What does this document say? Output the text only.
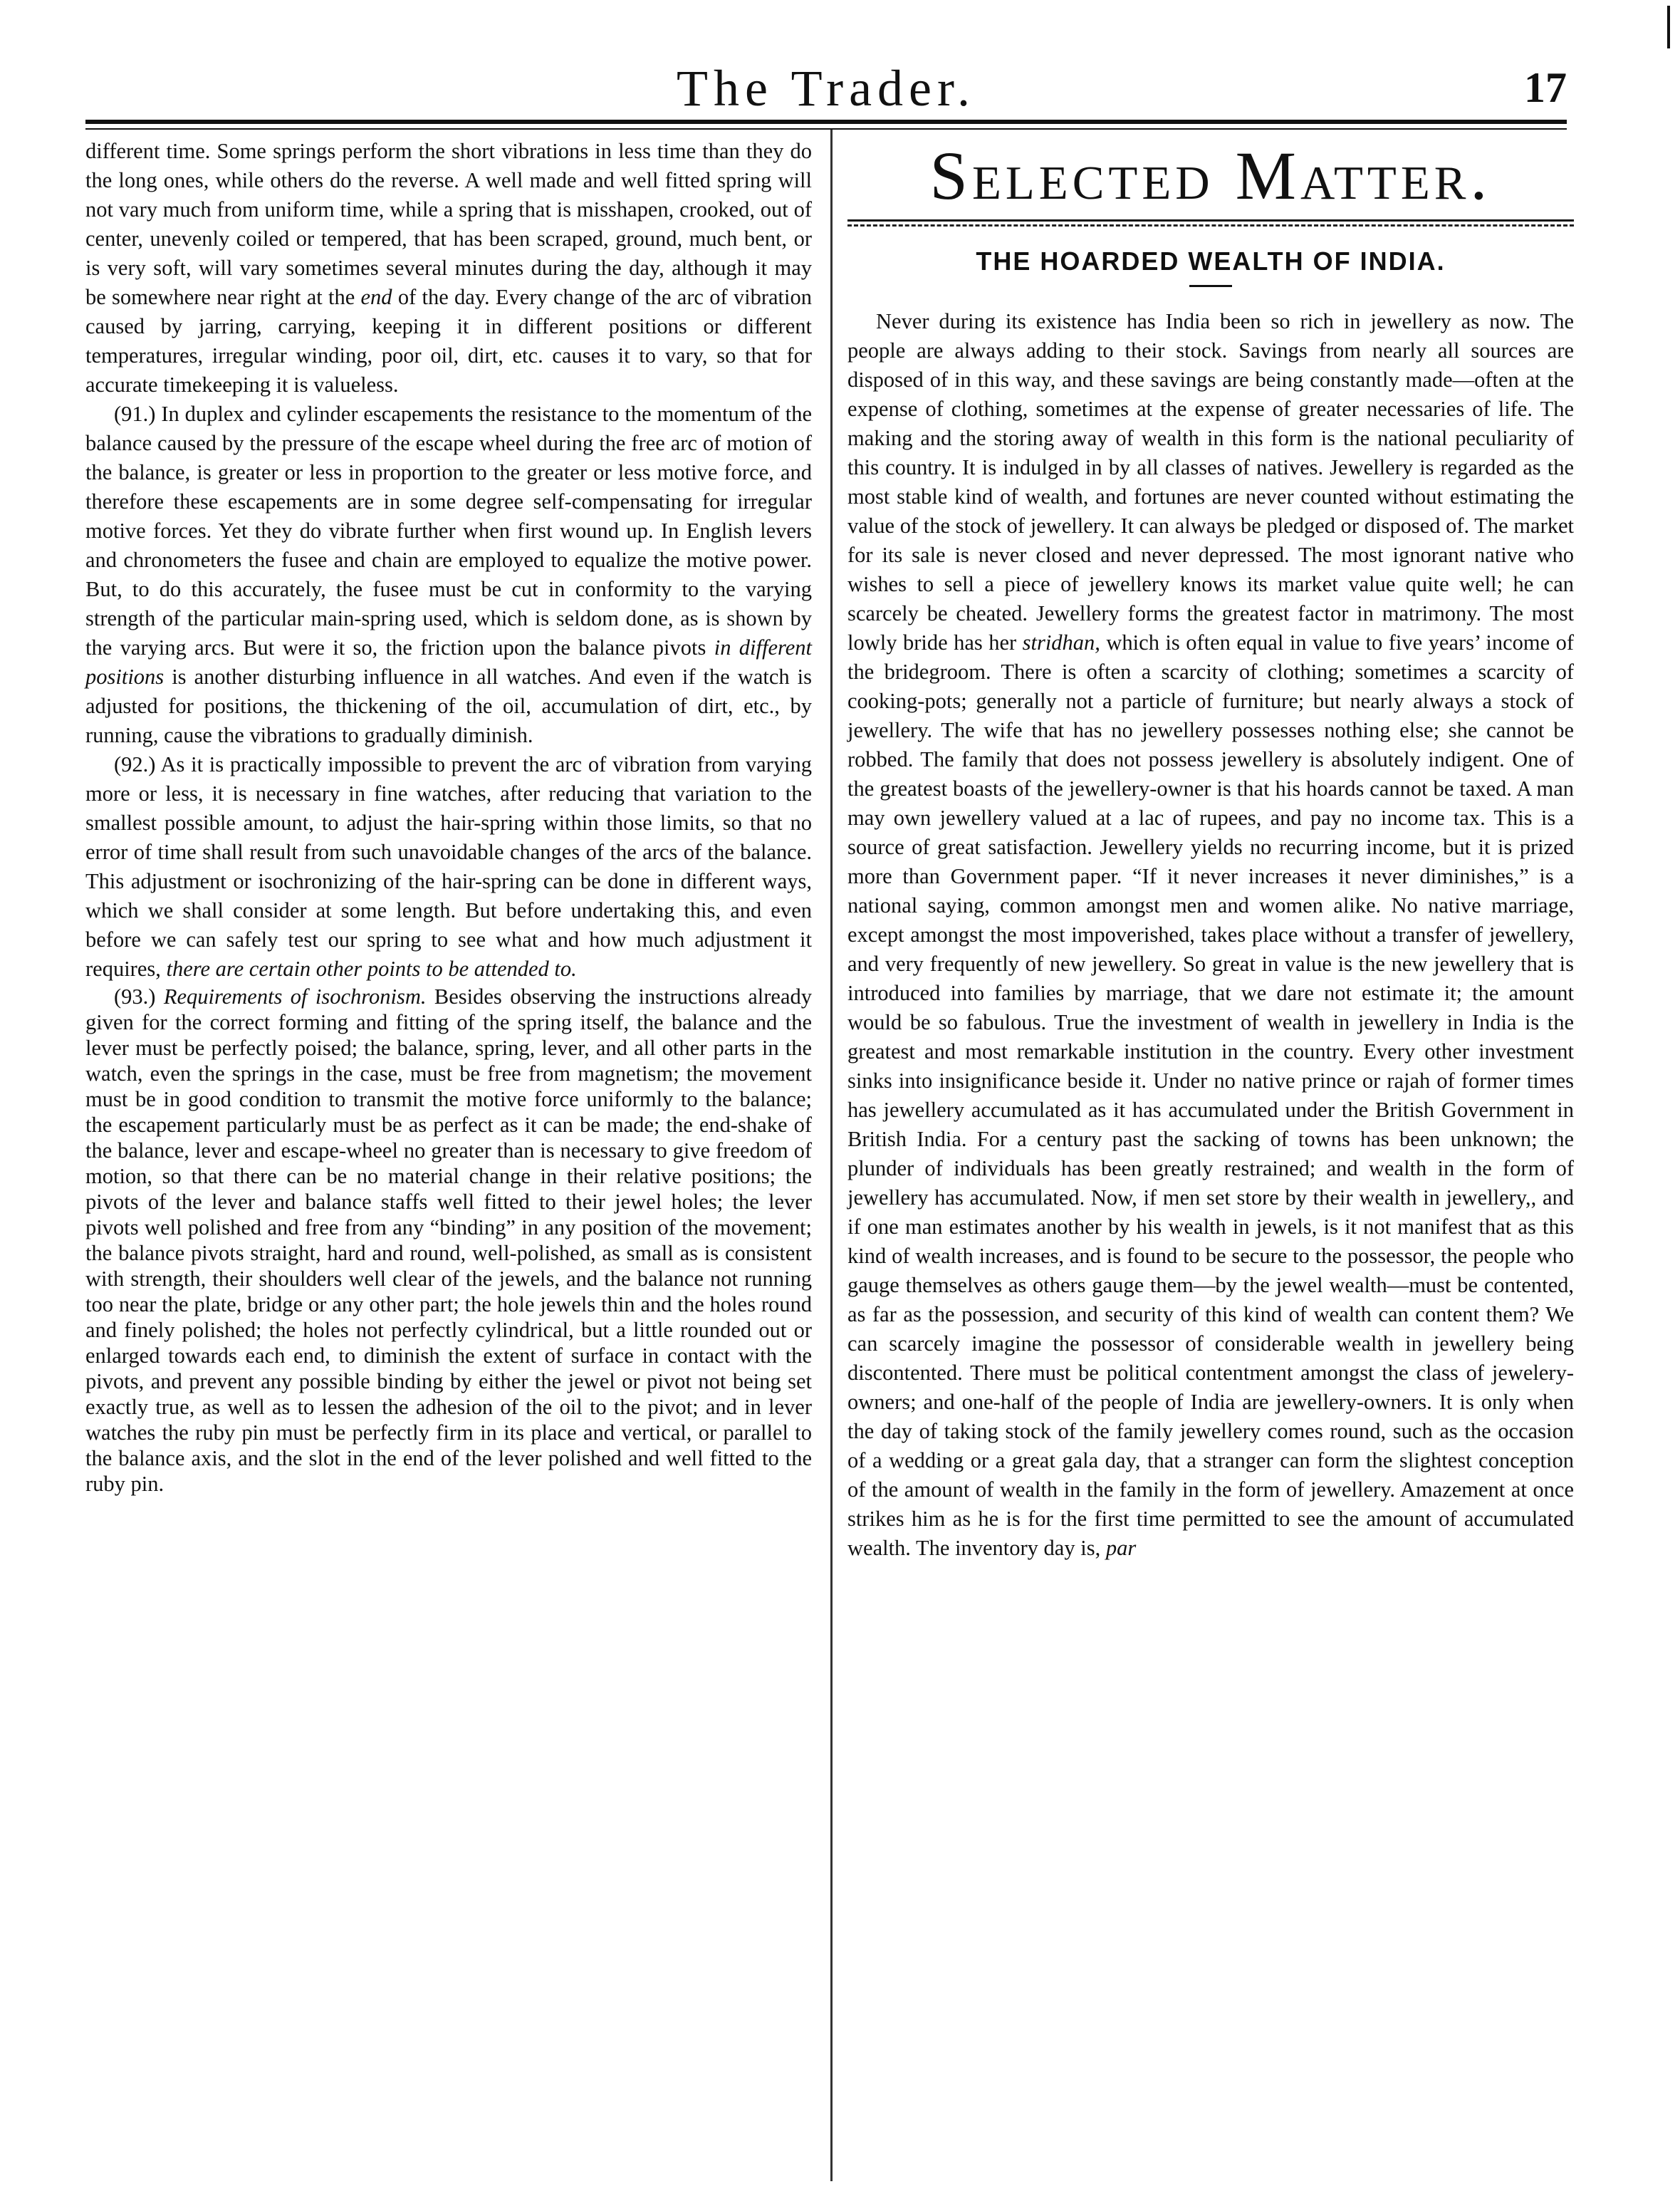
The Trader.	17

different time. Some springs perform the short vibrations in less time than they do the long ones, while others do the reverse. A well made and well fitted spring will not vary much from uniform time, while a spring that is misshapen, crooked, out of center, unevenly coiled or tempered, that has been scraped, ground, much bent, or is very soft, will vary sometimes several minutes during the day, although it may be somewhere near right at the end of the day. Every change of the arc of vibration caused by jarring, carrying, keeping it in different positions or different temperatures, irregular winding, poor oil, dirt, etc. causes it to vary, so that for accurate timekeeping it is valueless.

(91.) In duplex and cylinder escapements the resistance to the momentum of the balance caused by the pressure of the escape wheel during the free arc of motion of the balance, is greater or less in proportion to the greater or less motive force, and therefore these escapements are in some degree self-compensating for irregular motive forces. Yet they do vibrate further when first wound up. In English levers and chronometers the fusee and chain are employed to equalize the motive power. But, to do this accurately, the fusee must be cut in conformity to the varying strength of the particular main-spring used, which is seldom done, as is shown by the varying arcs. But were it so, the friction upon the balance pivots in different positions is another disturbing influence in all watches. And even if the watch is adjusted for positions, the thickening of the oil, accumulation of dirt, etc., by running, cause the vibrations to gradually diminish.

(92.) As it is practically impossible to prevent the arc of vibration from varying more or less, it is necessary in fine watches, after reducing that variation to the smallest possible amount, to adjust the hair-spring within those limits, so that no error of time shall result from such unavoidable changes of the arcs of the balance. This adjustment or isochronizing of the hair-spring can be done in different ways, which we shall consider at some length. But before undertaking this, and even before we can safely test our spring to see what and how much adjustment it requires, there are certain other points to be attended to.

(93.) Requirements of isochronism. Besides observing the instructions already given for the correct forming and fitting of the spring itself, the balance and the lever must be perfectly poised; the balance, spring, lever, and all other parts in the watch, even the springs in the case, must be free from magnetism; the movement must be in good condition to transmit the motive force uniformly to the balance; the escapement particularly must be as perfect as it can be made; the end-shake of the balance, lever and escape-wheel no greater than is necessary to give freedom of motion, so that there can be no material change in their relative positions; the pivots of the lever and balance staffs well fitted to their jewel holes; the lever pivots well polished and free from any “binding” in any position of the movement; the balance pivots straight, hard and round, well-polished, as small as is consistent with strength, their shoulders well clear of the jewels, and the balance not running too near the plate, bridge or any other part; the hole jewels thin and the holes round and finely polished; the holes not perfectly cylindrical, but a little rounded out or enlarged towards each end, to diminish the extent of surface in contact with the pivots, and prevent any possible binding by either the jewel or pivot not being set exactly true, as well as to lessen the adhesion of the oil to the pivot; and in lever watches the ruby pin must be perfectly firm in its place and vertical, or parallel to the balance axis, and the slot in the end of the lever polished and well fitted to the ruby pin.

Selected Matter.
THE HOARDED WEALTH OF INDIA.

Never during its existence has India been so rich in jewellery as now. The people are always adding to their stock. Savings from nearly all sources are disposed of in this way, and these savings are being constantly made—often at the expense of clothing, sometimes at the expense of greater necessaries of life. The making and the storing away of wealth in this form is the national peculiarity of this country. It is indulged in by all classes of natives. Jewellery is regarded as the most stable kind of wealth, and fortunes are never counted without estimating the value of the stock of jewellery. It can always be pledged or disposed of. The market for its sale is never closed and never depressed. The most ignorant native who wishes to sell a piece of jewellery knows its market value quite well; he can scarcely be cheated. Jewellery forms the greatest factor in matrimony. The most lowly bride has her stridhan, which is often equal in value to five years’ income of the bridegroom. There is often a scarcity of clothing; sometimes a scarcity of cooking-pots; generally not a particle of furniture; but nearly always a stock of jewellery. The wife that has no jewellery possesses nothing else; she cannot be robbed. The family that does not possess jewellery is absolutely indigent. One of the greatest boasts of the jewellery-owner is that his hoards cannot be taxed. A man may own jewellery valued at a lac of rupees, and pay no income tax. This is a source of great satisfaction. Jewellery yields no recurring income, but it is prized more than Government paper. “If it never increases it never diminishes,” is a national saying, common amongst men and women alike. No native marriage, except amongst the most impoverished, takes place without a transfer of jewellery, and very frequently of new jewellery. So great in value is the new jewellery that is introduced into families by marriage, that we dare not estimate it; the amount would be so fabulous. True the investment of wealth in jewellery in India is the greatest and most remarkable institution in the country. Every other investment sinks into insignificance beside it. Under no native prince or rajah of former times has jewellery accumulated as it has accumulated under the British Government in British India. For a century past the sacking of towns has been unknown; the plunder of individuals has been greatly restrained; and wealth in the form of jewellery has accumulated. Now, if men set store by their wealth in jewellery,, and if one man estimates another by his wealth in jewels, is it not manifest that as this kind of wealth increases, and is found to be secure to the possessor, the people who gauge themselves as others gauge them—by the jewel wealth—must be contented, as far as the possession, and security of this kind of wealth can content them? We can scarcely imagine the possessor of considerable wealth in jewellery being discontented. There must be political contentment amongst the class of jewelery-owners; and one-half of the people of India are jewellery-owners. It is only when the day of taking stock of the family jewellery comes round, such as the occasion of a wedding or a great gala day, that a stranger can form the slightest conception of the amount of wealth in the family in the form of jewellery. Amazement at once strikes him as he is for the first time permitted to see the amount of accumulated wealth. The inventory day is, par
